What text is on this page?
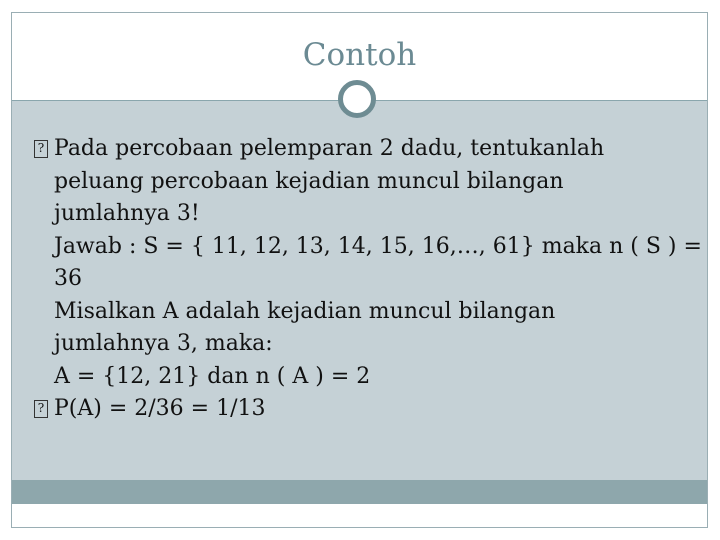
Contoh
? Pada percobaan pelemparan 2 dadu, tentukanlah
peluang percobaan kejadian muncul bilangan
jumlahnya 3!
Jawab : S = { 11, 12, 13, 14, 15, 16,…, 61} maka n ( S ) =
36
Misalkan A adalah kejadian muncul bilangan
jumlahnya 3, maka:
A = {12, 21} dan n ( A ) = 2
? P(A) = 2/36 = 1/13
